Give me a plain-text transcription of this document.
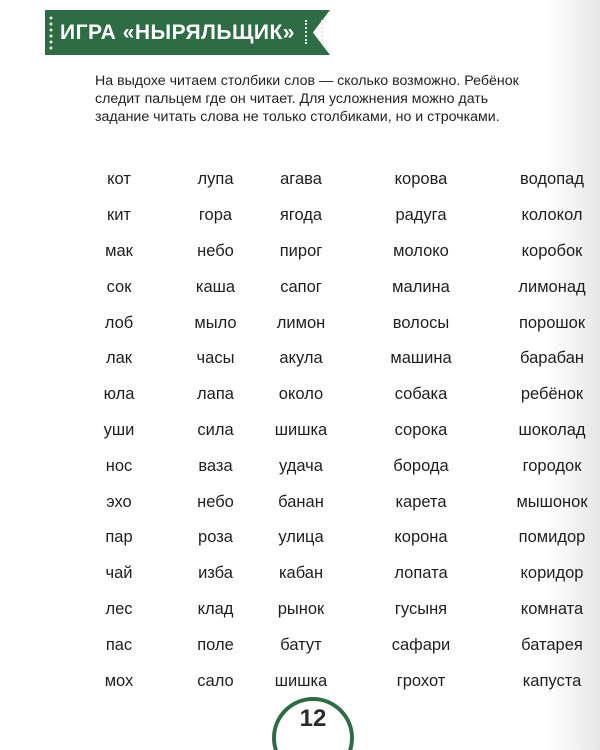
ИГРА «НЫРЯЛЬЩИК»

На выдохе читаем столбики слов — сколько возможно. Ребёнок следит пальцем где он читает. Для усложнения можно дать задание читать слова не только столбиками, но и строчками.

кот	лупа	агава	корова	водопад
кит	гора	ягода	радуга	колокол
мак	небо	пирог	молоко	коробок
сок	каша	сапог	малина	лимонад
лоб	мыло	лимон	волосы	порошок
лак	часы	акула	машина	барабан
юла	лапа	около	собака	ребёнок
уши	сила	шишка	сорока	шоколад
нос	ваза	удача	борода	городок
эхо	небо	банан	карета	мышонок
пар	роза	улица	корона	помидор
чай	изба	кабан	лопата	коридор
лес	клад	рынок	гусыня	комната
пас	поле	батут	сафари	батарея
мох	сало	шишка	грохот	капуста
12
